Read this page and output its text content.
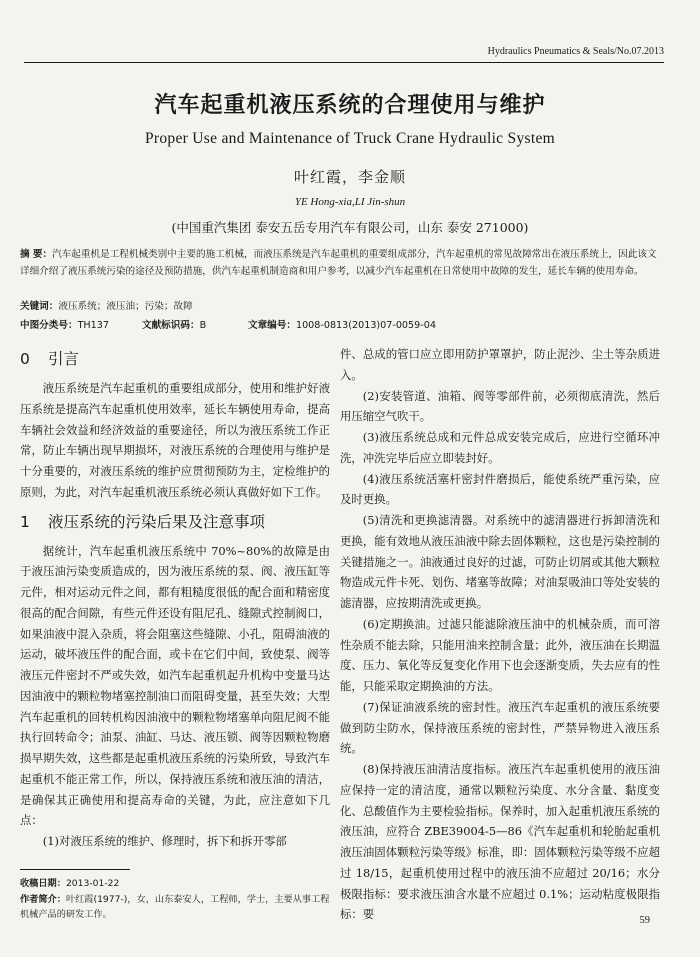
Hydraulics Pneumatics & Seals/No.07.2013
汽车起重机液压系统的合理使用与维护
Proper Use and Maintenance of Truck Crane Hydraulic System
叶红霞，李金顺
YE Hong-xia,LI Jin-shun
(中国重汽集团 泰安五岳专用汽车有限公司，山东 泰安 271000)
摘 要：汽车起重机是工程机械类别中主要的施工机械，而液压系统是汽车起重机的重要组成部分，汽车起重机的常见故障常出在液压系统上，因此该文详细介绍了液压系统污染的途径及预防措施，供汽车起重机制造商和用户参考，以减少汽车起重机在日常使用中故障的发生，延长车辆的使用寿命。
关键词：液压系统；液压油；污染；故障
中图分类号：TH137	文献标识码：B	文章编号：1008-0813(2013)07-0059-04
0 引言

液压系统是汽车起重机的重要组成部分，使用和维护好液压系统是提高汽车起重机使用效率，延长车辆使用寿命，提高车辆社会效益和经济效益的重要途径，所以为液压系统工作正常，防止车辆出现早期损坏，对液压系统的合理使用与维护是十分重要的，对液压系统的维护应贯彻预防为主，定检维护的原则，为此，对汽车起重机液压系统必须认真做好如下工作。

1 液压系统的污染后果及注意事项

据统计，汽车起重机液压系统中 70%~80%的故障是由于液压油污染变质造成的，因为液压系统的泵、阀、液压缸等元件，相对运动元件之间，都有粗糙度很低的配合面和精密度很高的配合间隙，有些元件还设有阻尼孔、缝隙式控制阀口，如果油液中混入杂质，将会阻塞这些缝隙、小孔，阻碍油液的运动，破坏液压件的配合面，或卡在它们中间，致使泵、阀等液压元件密封不严或失效，如汽车起重机起升机构中变量马达因油液中的颗粒物堵塞控制油口而阻碍变量，甚至失效；大型汽车起重机的回转机构因油液中的颗粒物堵塞单向阻尼阀不能执行回转命令；油泵、油缸、马达、液压锁、阀等因颗粒物磨损早期失效，这些都是起重机液压系统的污染所致，导致汽车起重机不能正常工作，所以，保持液压系统和液压油的清洁，是确保其正确使用和提高寿命的关键，为此，应注意如下几点：

(1)对液压系统的维护、修理时，拆下和拆开零部

件、总成的管口应立即用防护罩罩护，防止泥沙、尘土等杂质进入。

(2)安装管道、油箱、阀等零部件前，必须彻底清洗，然后用压缩空气吹干。

(3)液压系统总成和元件总成安装完成后，应进行空循环冲洗，冲洗完毕后应立即装封好。

(4)液压系统活塞杆密封件磨损后，能使系统严重污染，应及时更换。

(5)清洗和更换滤清器。对系统中的滤清器进行拆卸清洗和更换，能有效地从液压油液中除去固体颗粒，这也是污染控制的关键措施之一。油液通过良好的过滤，可防止切屑或其他大颗粒物造成元件卡死、划伤、堵塞等故障；对油泵吸油口等处安装的滤清器，应按期清洗或更换。

(6)定期换油。过滤只能滤除液压油中的机械杂质，而可溶性杂质不能去除，只能用油来控制含量；此外，液压油在长期温度、压力、氧化等反复变化作用下也会逐渐变质，失去应有的性能，只能采取定期换油的方法。

(7)保证油液系统的密封性。液压汽车起重机的液压系统要做到防尘防水，保持液压系统的密封性，严禁异物进入液压系统。

(8)保持液压油清洁度指标。液压汽车起重机使用的液压油应保持一定的清洁度，通常以颗粒污染度、水分含量、黏度变化、总酸值作为主要检验指标。保养时，加入起重机液压系统的液压油，应符合 ZBE39004-5—86《汽车起重机和轮胎起重机液压油固体颗粒污染等级》标准，即：固体颗粒污染等级不应超过 18/15，起重机使用过程中的液压油不应超过 20/16；水分极限指标：要求液压油含水量不应超过 0.1%；运动粘度极限指标：要

收稿日期：2013-01-22
作者简介：叶红霞(1977-)，女，山东泰安人，工程师，学士，主要从事工程机械产品的研发工作。
59
